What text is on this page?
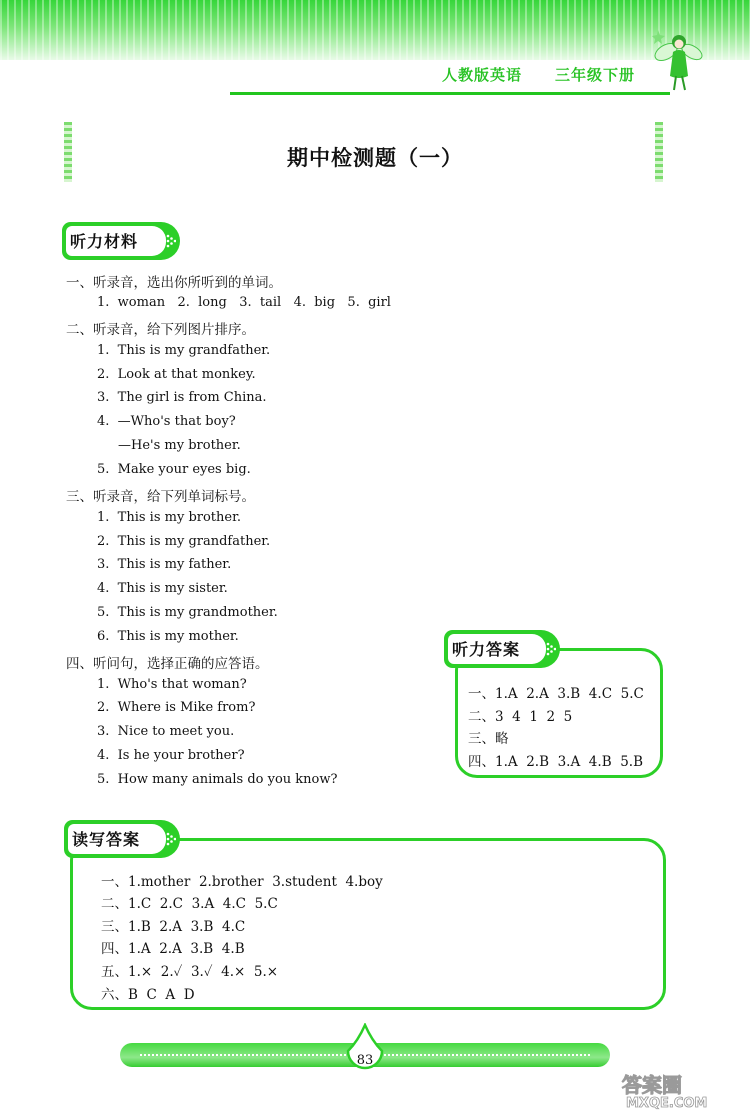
人教版英语 三年级下册
期中检测题（一）
听力材料
一、听录音，选出你所听到的单词。
1.  woman   2.  long   3.  tail   4.  big   5.  girl
二、听录音，给下列图片排序。
1.  This is my grandfather.
2.  Look at that monkey.
3.  The girl is from China.
4.  —Who's that boy?
—He's my brother.
5.  Make your eyes big.
三、听录音，给下列单词标号。
1.  This is my brother.
2.  This is my grandfather.
3.  This is my father.
4.  This is my sister.
5.  This is my grandmother.
6.  This is my mother.
四、听问句，选择正确的应答语。
1.  Who's that woman?
2.  Where is Mike from?
3.  Nice to meet you.
4.  Is he your brother?
5.  How many animals do you know?
听力答案
一、1.A  2.A  3.B  4.C  5.C
二、3  4  1  2  5
三、略
四、1.A  2.B  3.A  4.B  5.B
读写答案
一、1.mother  2.brother  3.student  4.boy
二、1.C  2.C  3.A  4.C  5.C
三、1.B  2.A  3.B  4.C
四、1.A  2.A  3.B  4.B
五、1.×  2.✓  3.✓  4.×  5.×
六、B  C  A  D
83
答案圈
MXQE.COM
